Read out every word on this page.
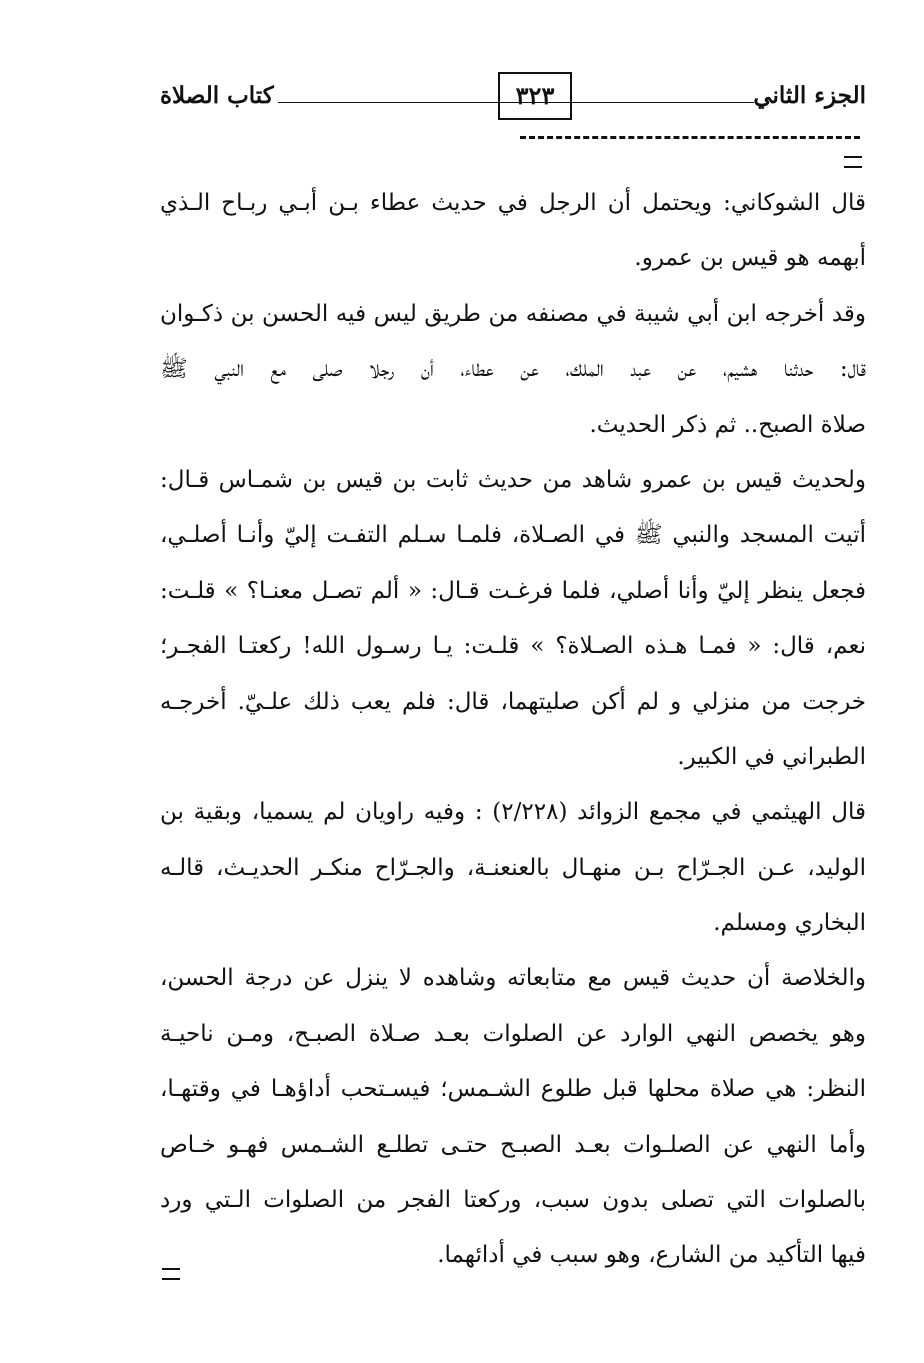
الجزء الثاني
٣٢٣
كتاب الصلاة
قال الشوكاني: ويحتمل أن الرجل في حديث عطاء بـن أبـي ربـاح الـذي
أبهمه هو قيس بن عمرو.
وقد أخرجه ابن أبي شيبة في مصنفه من طريق ليس فيه الحسن بن ذكـوان
قال: حدثنا هشيم، عن عبد الملك، عن عطاء، أن رجلا صلى مع النبي ﷺ
صلاة الصبح.. ثم ذكر الحديث.
ولحديث قيس بن عمرو شاهد من حديث ثابت بن قيس بن شمـاس قـال:
أتيت المسجد والنبي ﷺ في الصـلاة، فلمـا سـلم التفـت إليّ وأنـا أصلـي،
فجعل ينظر إليّ وأنا أصلي، فلما فرغـت قـال: « ألم تصـل معنـا؟ » قلـت:
نعم، قال: « فمـا هـذه الصـلاة؟ » قلـت: يـا رسـول الله! ركعتـا الفجـر؛
خرجت من منزلي و لم أكن صليتهما، قال: فلم يعب ذلك علـيّ. أخرجـه
الطبراني في الكبير.
قال الهيثمي في مجمع الزوائد (٢/٢٢٨) : وفيه راويان لم يسميا، وبقية بن
الوليد، عـن الجـرّاح بـن منهـال بالعنعنـة، والجـرّاح منكـر الحديـث، قالـه
البخاري ومسلم.
والخلاصة أن حديث قيس مع متابعاته وشاهده لا ينزل عن درجة الحسن،
وهو يخصص النهي الوارد عن الصلوات بعـد صـلاة الصبـح، ومـن ناحيـة
النظر: هي صلاة محلها قبل طلوع الشـمس؛ فيسـتحب أداؤهـا في وقتهـا،
وأما النهي عن الصلـوات بعـد الصبـح حتـى تطلـع الشـمس فهـو خـاص
بالصلوات التي تصلى بدون سبب، وركعتا الفجر من الصلوات الـتي ورد
فيها التأكيد من الشارع، وهو سبب في أدائهما.
